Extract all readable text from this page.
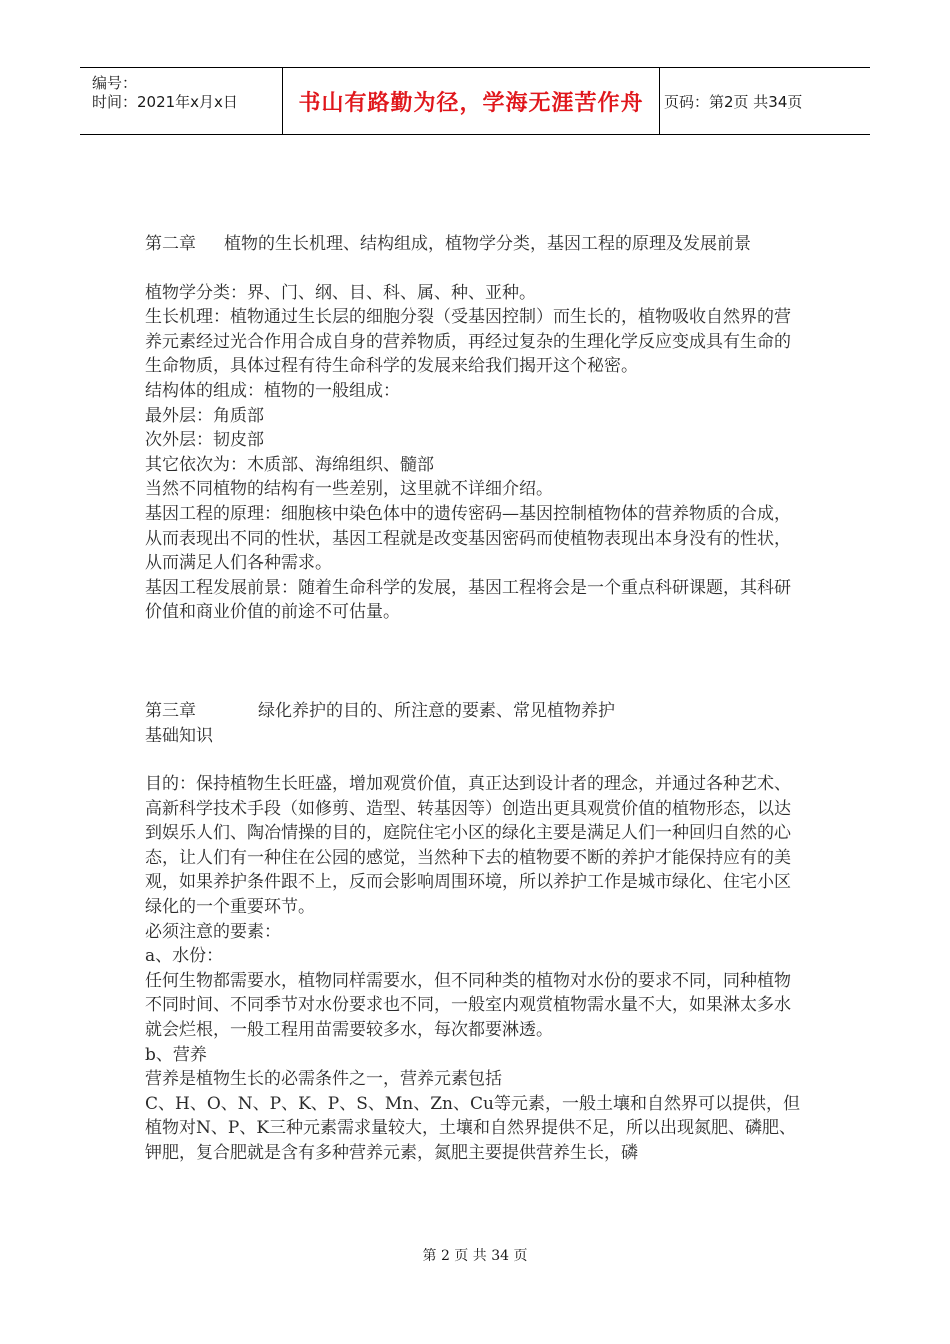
编号：
时间：2021年x月x日	书山有路勤为径，学海无涯苦作舟	页码：第2页 共34页
第二章 植物的生长机理、结构组成，植物学分类，基因工程的原理及发展前景

植物学分类：界、门、纲、目、科、属、种、亚种。

生长机理：植物通过生长层的细胞分裂（受基因控制）而生长的，植物吸收自然界的营养元素经过光合作用合成自身的营养物质，再经过复杂的生理化学反应变成具有生命的生命物质，具体过程有待生命科学的发展来给我们揭开这个秘密。

结构体的组成：植物的一般组成：

最外层：角质部

次外层：韧皮部

其它依次为：木质部、海绵组织、髓部

当然不同植物的结构有一些差别，这里就不详细介绍。

基因工程的原理：细胞核中染色体中的遗传密码—基因控制植物体的营养物质的合成，从而表现出不同的性状，基因工程就是改变基因密码而使植物表现出本身没有的性状，从而满足人们各种需求。

基因工程发展前景：随着生命科学的发展，基因工程将会是一个重点科研课题，其科研价值和商业价值的前途不可估量。

第三章	绿化养护的目的、所注意的要素、常见植物养护

基础知识

目的：保持植物生长旺盛，增加观赏价值，真正达到设计者的理念，并通过各种艺术、高新科学技术手段（如修剪、造型、转基因等）创造出更具观赏价值的植物形态，以达到娱乐人们、陶冶情操的目的，庭院住宅小区的绿化主要是满足人们一种回归自然的心态，让人们有一种住在公园的感觉，当然种下去的植物要不断的养护才能保持应有的美观，如果养护条件跟不上，反而会影响周围环境，所以养护工作是城市绿化、住宅小区绿化的一个重要环节。

必须注意的要素：

a、水份：

任何生物都需要水，植物同样需要水，但不同种类的植物对水份的要求不同，同种植物不同时间、不同季节对水份要求也不同，一般室内观赏植物需水量不大，如果淋太多水就会烂根，一般工程用苗需要较多水，每次都要淋透。

b、营养

营养是植物生长的必需条件之一，营养元素包括

C、H、O、N、P、K、P、S、Mn、Zn、Cu等元素，一般土壤和自然界可以提供，但植物对N、P、K三种元素需求量较大，土壤和自然界提供不足，所以出现氮肥、磷肥、钾肥，复合肥就是含有多种营养元素，氮肥主要提供营养生长，磷

第 2 页 共 34 页
